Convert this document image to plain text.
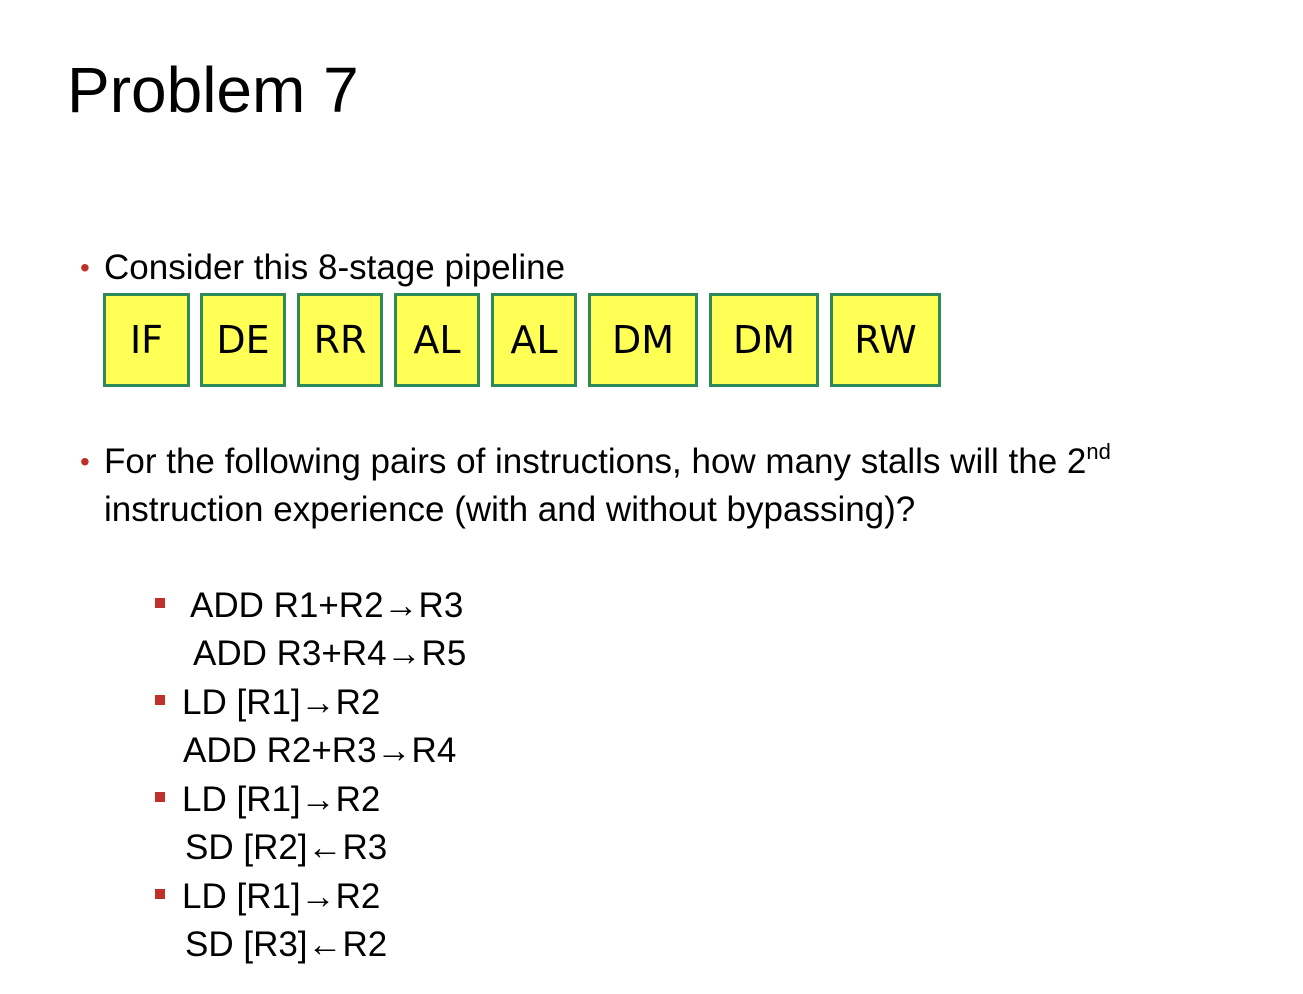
Problem 7
• Consider this 8-stage pipeline
IF	DE	RR	AL	AL	DM	DM	RW
• For the following pairs of instructions, how many stalls will the 2nd
instruction experience (with and without bypassing)?
ADD R1+R2→R3
ADD R3+R4→R5
LD [R1]→R2
ADD R2+R3→R4
LD [R1]→R2
SD [R2]←R3
LD [R1]→R2
SD [R3]←R2
